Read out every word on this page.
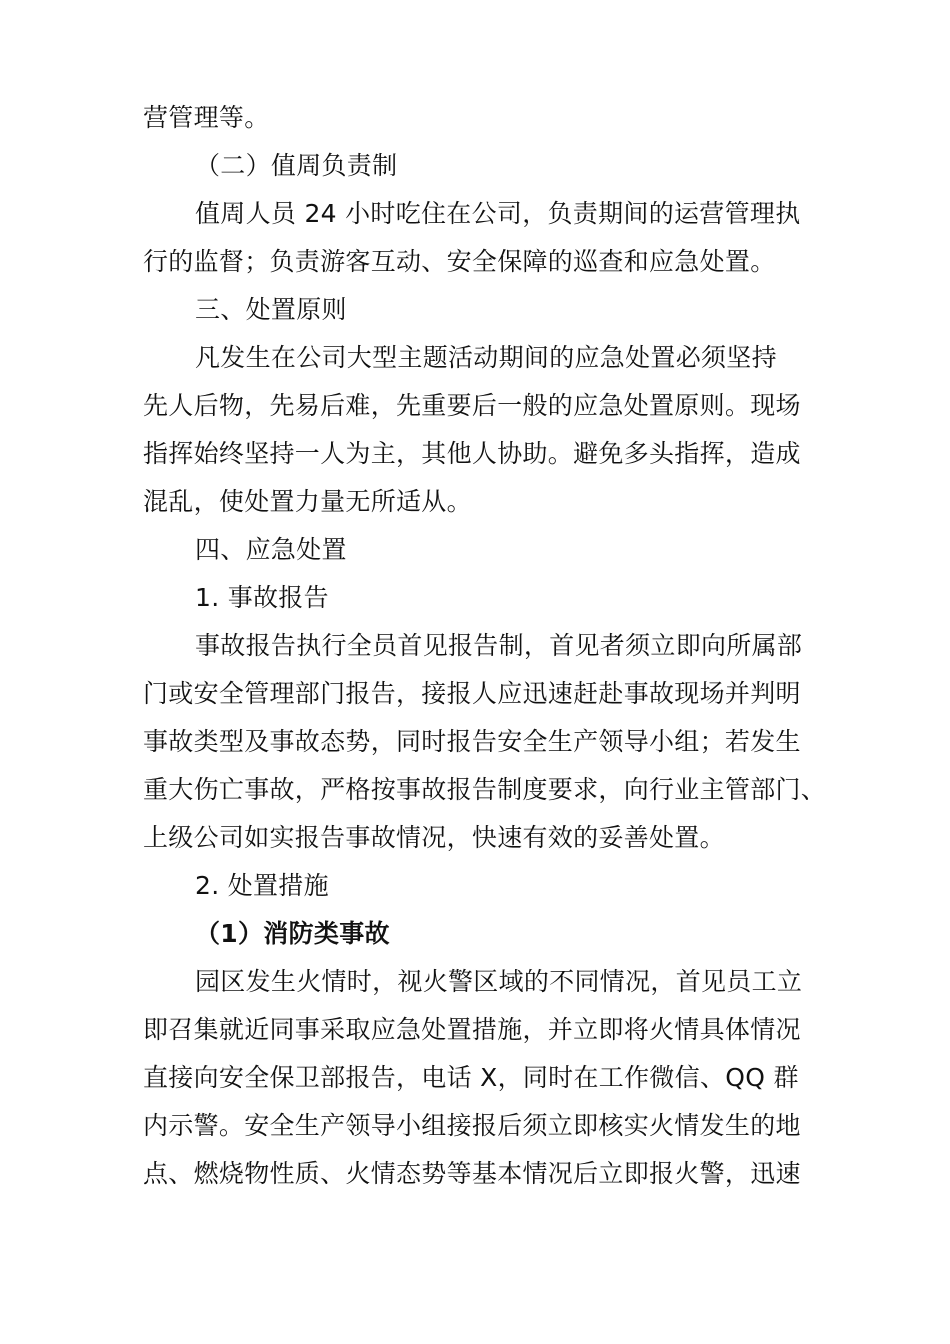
营管理等。
（二）值周负责制
值周人员 24 小时吃住在公司，负责期间的运营管理执
行的监督；负责游客互动、安全保障的巡查和应急处置。
三、处置原则
凡发生在公司大型主题活动期间的应急处置必须坚持
先人后物，先易后难，先重要后一般的应急处置原则。现场
指挥始终坚持一人为主，其他人协助。避免多头指挥，造成
混乱，使处置力量无所适从。
四、应急处置
1. 事故报告
事故报告执行全员首见报告制，首见者须立即向所属部
门或安全管理部门报告，接报人应迅速赶赴事故现场并判明
事故类型及事故态势，同时报告安全生产领导小组；若发生
重大伤亡事故，严格按事故报告制度要求，向行业主管部门、
上级公司如实报告事故情况，快速有效的妥善处置。
2. 处置措施
（1）消防类事故
园区发生火情时，视火警区域的不同情况，首见员工立
即召集就近同事采取应急处置措施，并立即将火情具体情况
直接向安全保卫部报告，电话 X，同时在工作微信、QQ 群
内示警。安全生产领导小组接报后须立即核实火情发生的地
点、燃烧物性质、火情态势等基本情况后立即报火警，迅速
